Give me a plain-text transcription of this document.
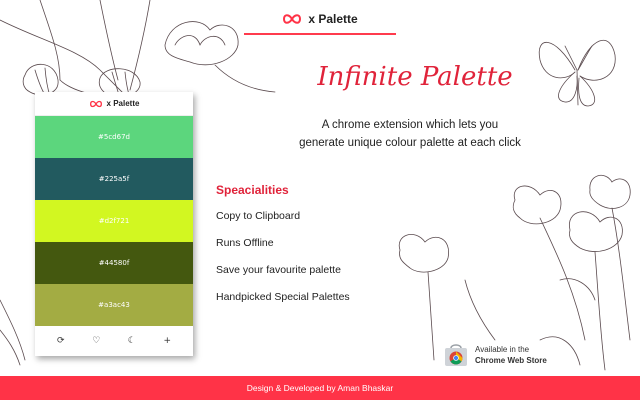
x Palette
x Palette
#5cd67d
#225a5f
#d2f721
#44580f
#a3ac43
⟳	♡	☾	+
Infinite Palette
A chrome extension which lets you
generate unique colour palette at each click
Speacialities
Copy to Clipboard
Runs Offline
Save your favourite palette
Handpicked Special Palettes
Available in the
Chrome Web Store
Design & Developed by Aman Bhaskar
